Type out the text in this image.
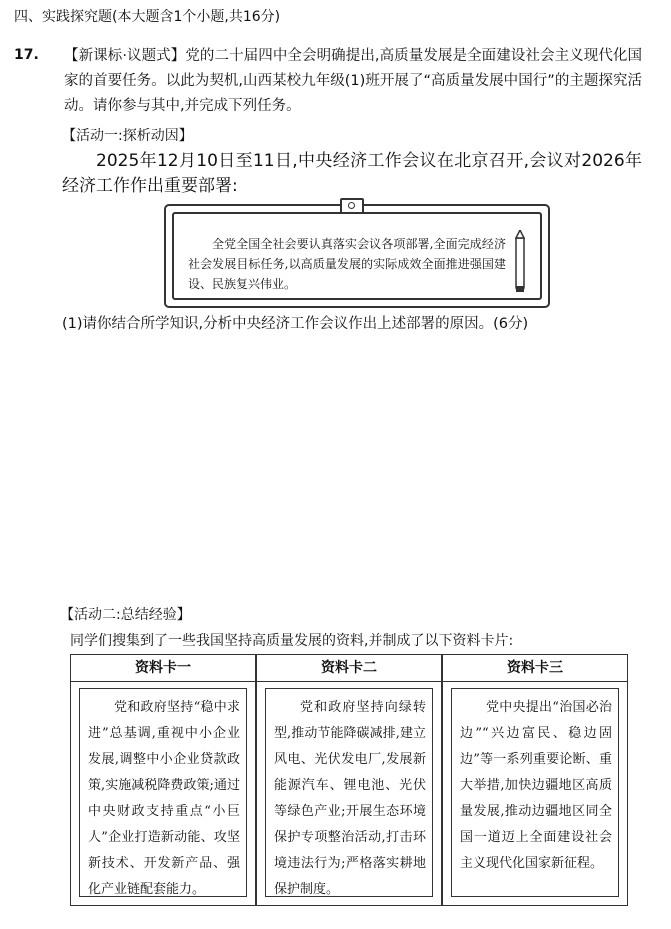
四、实践探究题(本大题含1个小题,共16分)
17. 【新课标·议题式】党的二十届四中全会明确提出,高质量发展是全面建设社会主义现代化国家的首要任务。以此为契机,山西某校九年级(1)班开展了“高质量发展中国行”的主题探究活动。请你参与其中,并完成下列任务。
【活动一:探析动因】
2025年12月10日至11日,中央经济工作会议在北京召开,会议对2026年经济工作作出重要部署:
全党全国全社会要认真落实会议各项部署,全面完成经济社会发展目标任务,以高质量发展的实际成效全面推进强国建设、民族复兴伟业。
(1)请你结合所学知识,分析中央经济工作会议作出上述部署的原因。(6分)
【活动二:总结经验】
同学们搜集到了一些我国坚持高质量发展的资料,并制成了以下资料卡片:
资料卡一
党和政府坚持“稳中求进”总基调,重视中小企业发展,调整中小企业贷款政策,实施减税降费政策;通过中央财政支持重点“小巨人”企业打造新动能、攻坚新技术、开发新产品、强化产业链配套能力。
资料卡二
党和政府坚持向绿转型,推动节能降碳减排,建立风电、光伏发电厂,发展新能源汽车、锂电池、光伏等绿色产业;开展生态环境保护专项整治活动,打击环境违法行为;严格落实耕地保护制度。
资料卡三
党中央提出“治国必治边”“兴边富民、稳边固边”等一系列重要论断、重大举措,加快边疆地区高质量发展,推动边疆地区同全国一道迈上全面建设社会主义现代化国家新征程。
